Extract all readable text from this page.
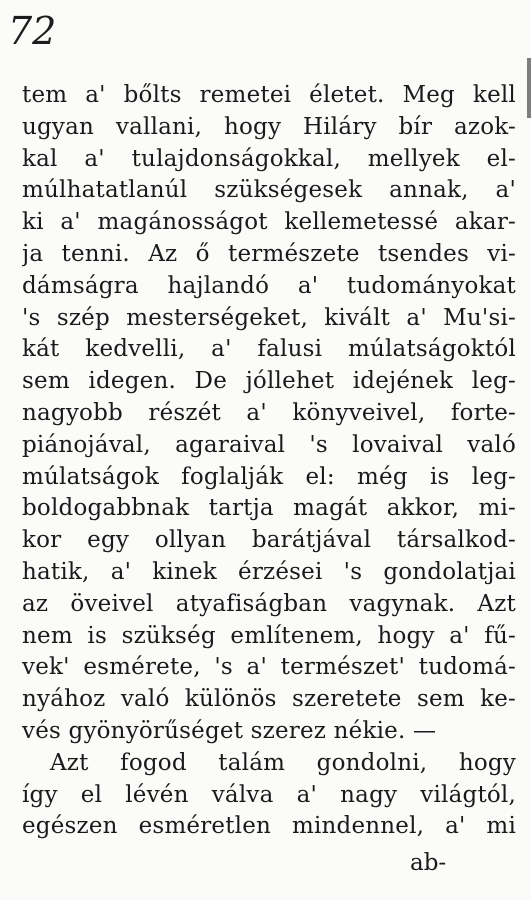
72
tem a' bőlts remetei életet. Meg kell
ugyan vallani, hogy Hiláry bír azok-
kal a' tulajdonságokkal, mellyek el-
múlhatatlanúl szükségesek annak, a'
ki a' magánosságot kellemetessé akar-
ja tenni. Az ő természete tsendes vi-
dámságra hajlandó a' tudományokat
's szép mesterségeket, kivált a' Mu'si-
kát kedvelli, a' falusi múlatságoktól
sem idegen. De jóllehet idejének leg-
nagyobb részét a' könyveivel, forte-
piánojával, agaraival 's lovaival való
múlatságok foglalják el: még is leg-
boldogabbnak tartja magát akkor, mi-
kor egy ollyan barátjával társalkod-
hatik, a' kinek érzései 's gondolatjai
az öveivel atyafiságban vagynak. Azt
nem is szükség említenem, hogy a' fű-
vek' esmérete, 's a' természet' tudomá-
nyához való különös szeretete sem ke-
vés gyönyörűséget szerez nékie. —
Azt fogod talám gondolni, hogy
így el lévén válva a' nagy világtól,
egészen esméretlen mindennel, a' mi
ab-
